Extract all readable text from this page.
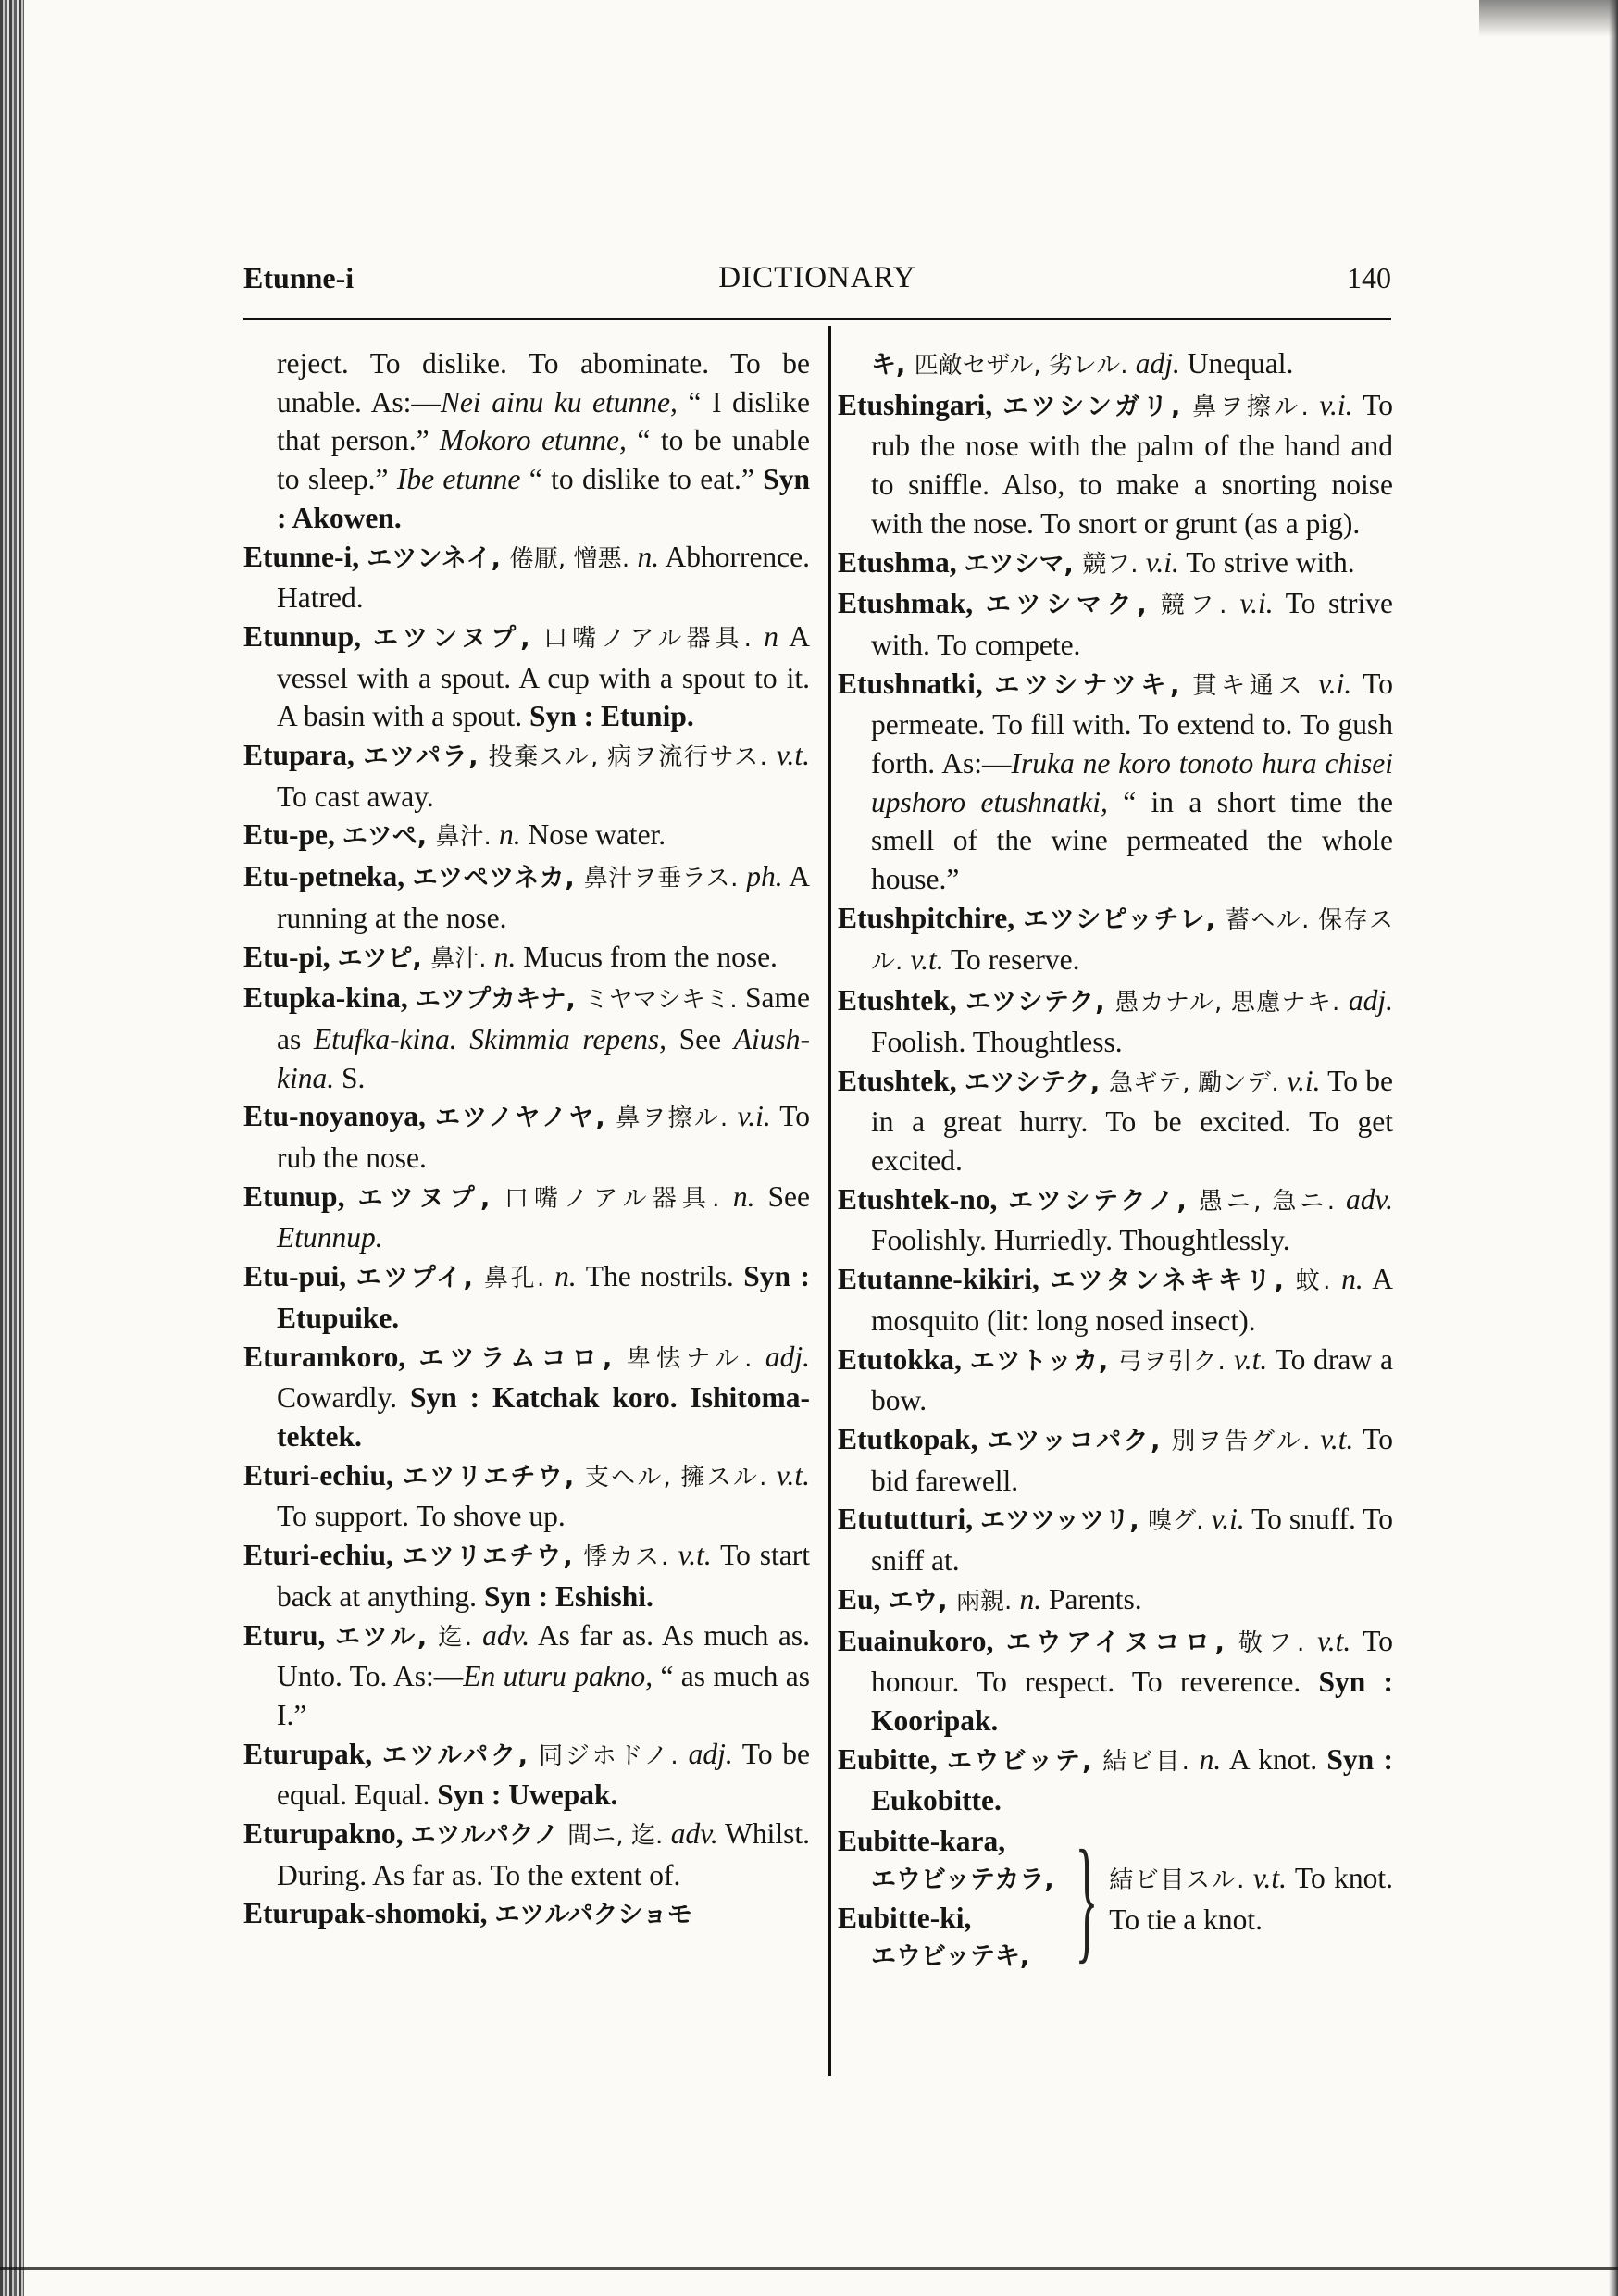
Etunne-i	DICTIONARY	140

reject. To dislike. To abominate. To be unable. As:—Nei ainu ku etunne, “ I dislike that person.” Mokoro etunne, “ to be unable to sleep.” Ibe etunne “ to dislike to eat.” Syn : Akowen.

Etunne-i, エツンネイ, 倦厭, 憎悪. n. Abhorrence. Hatred.

Etunnup, エツンヌプ, 口嘴ノアル器具. n A vessel with a spout. A cup with a spout to it. A basin with a spout. Syn : Etunip.

Etupara, エツパラ, 投棄スル, 病ヲ流行サス. v.t. To cast away.

Etu-pe, エツペ, 鼻汁. n. Nose water.

Etu-petneka, エツペツネカ, 鼻汁ヲ垂ラス. ph. A running at the nose.

Etu-pi, エツピ, 鼻汁. n. Mucus from the nose.

Etupka-kina, エツプカキナ, ミヤマシキミ. Same as Etufka-kina. Skimmia repens, See Aiush-kina. S.

Etu-noyanoya, エツノヤノヤ, 鼻ヲ擦ル. v.i. To rub the nose.

Etunup, エツヌプ, 口嘴ノアル器具. n. See Etunnup.

Etu-pui, エツプイ, 鼻孔. n. The nostrils. Syn : Etupuike.

Eturamkoro, エツラムコロ, 卑怯ナル. adj. Cowardly. Syn : Katchak koro. Ishitoma-tektek.

Eturi-echiu, エツリエチウ, 支ヘル, 擁スル. v.t. To support. To shove up.

Eturi-echiu, エツリエチウ, 悸カス. v.t. To start back at anything. Syn : Eshishi.

Eturu, エツル, 迄. adv. As far as. As much as. Unto. To. As:—En uturu pakno, “ as much as I.”

Eturupak, エツルパク, 同ジホドノ. adj. To be equal. Equal. Syn : Uwepak.

Eturupakno, エツルパクノ 間ニ, 迄. adv. Whilst. During. As far as. To the extent of.

Eturupak-shomoki, エツルパクショモ

キ, 匹敵セザル, 劣レル. adj. Unequal.

Etushingari, エツシンガリ, 鼻ヲ擦ル. v.i. To rub the nose with the palm of the hand and to sniffle. Also, to make a snorting noise with the nose. To snort or grunt (as a pig).

Etushma, エツシマ, 競フ. v.i. To strive with.

Etushmak, エツシマク, 競フ. v.i. To strive with. To compete.

Etushnatki, エツシナツキ, 貫キ通ス v.i. To permeate. To fill with. To extend to. To gush forth. As:—Iruka ne koro tonoto hura chisei upshoro etushnatki, “ in a short time the smell of the wine permeated the whole house.”

Etushpitchire, エツシピッチレ, 蓄ヘル. 保存スル. v.t. To reserve.

Etushtek, エツシテク, 愚カナル, 思慮ナキ. adj. Foolish. Thoughtless.

Etushtek, エツシテク, 急ギテ, 勵ンデ. v.i. To be in a great hurry. To be excited. To get excited.

Etushtek-no, エツシテクノ, 愚ニ, 急ニ. adv. Foolishly. Hurriedly. Thoughtlessly.

Etutanne-kikiri, エツタンネキキリ, 蚊. n. A mosquito (lit: long nosed insect).

Etutokka, エツトッカ, 弓ヲ引ク. v.t. To draw a bow.

Etutkopak, エツッコパク, 別ヲ告グル. v.t. To bid farewell.

Etututturi, エツツッツリ, 嗅グ. v.i. To snuff. To sniff at.

Eu, エウ, 兩親. n. Parents.

Euainukoro, エウアイヌコロ, 敬フ. v.t. To honour. To respect. To reverence. Syn : Kooripak.

Eubitte, エウビッテ, 結ビ目. n. A knot. Syn : Eukobitte.

Eubitte-kara,
エウビッテカラ,
Eubitte-ki,
エウビッテキ, } 結ビ目スル. v.t. To knot. To tie a knot.
